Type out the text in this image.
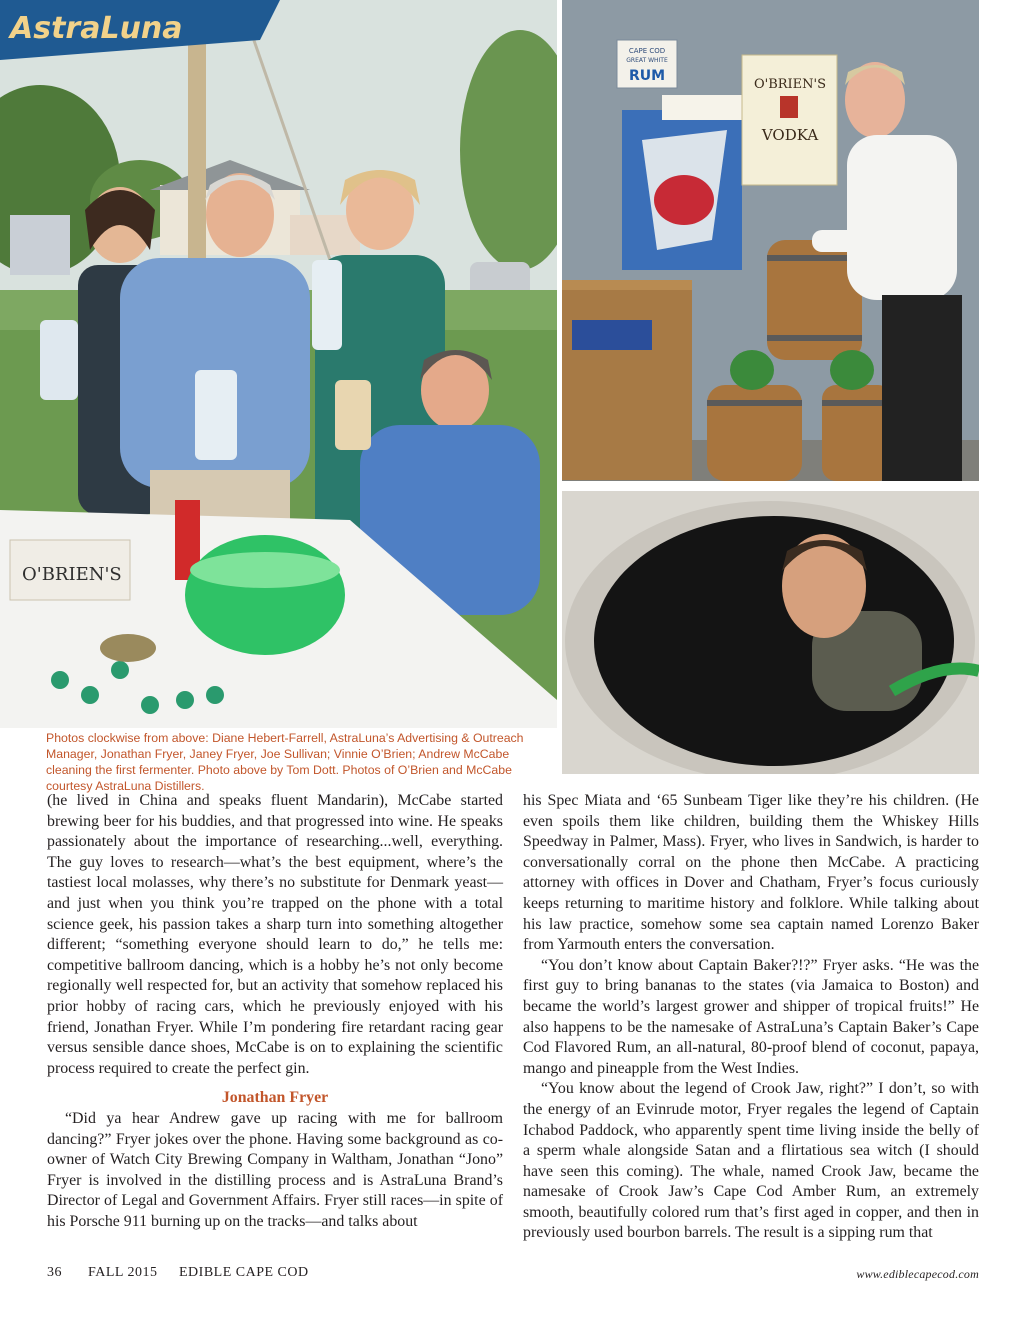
AstraLuna
O'BRIEN'S
CAPE COD
GREAT WHITE
RUM
O'BRIEN'S
VODKA
Photos clockwise from above: Diane Hebert-Farrell, AstraLuna’s Advertising & Outreach Manager, Jonathan Fryer, Janey Fryer, Joe Sullivan; Vinnie O’Brien; Andrew McCabe cleaning the first fermenter. Photo above by Tom Dott. Photos of O’Brien and McCabe courtesy AstraLuna Distillers.

(he lived in China and speaks fluent Mandarin), McCabe started brewing beer for his buddies, and that progressed into wine. He speaks passionately about the importance of researching...well, everything. The guy loves to research—what’s the best equipment, where’s the tastiest local molasses, why there’s no substitute for Denmark yeast—and just when you think you’re trapped on the phone with a total science geek, his passion takes a sharp turn into something altogether different; “something everyone should learn to do,” he tells me: competitive ballroom dancing, which is a hobby he’s not only become regionally well respected for, but an activity that somehow replaced his prior hobby of racing cars, which he previously enjoyed with his friend, Jonathan Fryer. While I’m pondering fire retardant racing gear versus sensible dance shoes, McCabe is on to explaining the scientific process required to create the perfect gin.

Jonathan Fryer

“Did ya hear Andrew gave up racing with me for ballroom dancing?” Fryer jokes over the phone. Having some background as co-owner of Watch City Brewing Company in Waltham, Jonathan “Jono” Fryer is involved in the distilling process and is AstraLuna Brand’s Director of Legal and Government Affairs. Fryer still races—in spite of his Porsche 911 burning up on the tracks—and talks about

his Spec Miata and ‘65 Sunbeam Tiger like they’re his children. (He even spoils them like children, building them the Whiskey Hills Speedway in Palmer, Mass). Fryer, who lives in Sandwich, is harder to conversationally corral on the phone then McCabe. A practicing attorney with offices in Dover and Chatham, Fryer’s focus curiously keeps returning to maritime history and folklore. While talking about his law practice, somehow some sea captain named Lorenzo Baker from Yarmouth enters the conversation.

“You don’t know about Captain Baker?!?” Fryer asks. “He was the first guy to bring bananas to the states (via Jamaica to Boston) and became the world’s largest grower and shipper of tropical fruits!” He also happens to be the namesake of AstraLuna’s Captain Baker’s Cape Cod Flavored Rum, an all-natural, 80-proof blend of coconut, papaya, mango and pineapple from the West Indies.

“You know about the legend of Crook Jaw, right?” I don’t, so with the energy of an Evinrude motor, Fryer regales the legend of Captain Ichabod Paddock, who apparently spent time living inside the belly of a sperm whale alongside Satan and a flirtatious sea witch (I should have seen this coming). The whale, named Crook Jaw, became the namesake of Crook Jaw’s Cape Cod Amber Rum, an extremely smooth, beautifully colored rum that’s first aged in copper, and then in previously used bourbon barrels. The result is a sipping rum that

36 FALL 2015 EDIBLE CAPE COD	www.ediblecapecod.com
